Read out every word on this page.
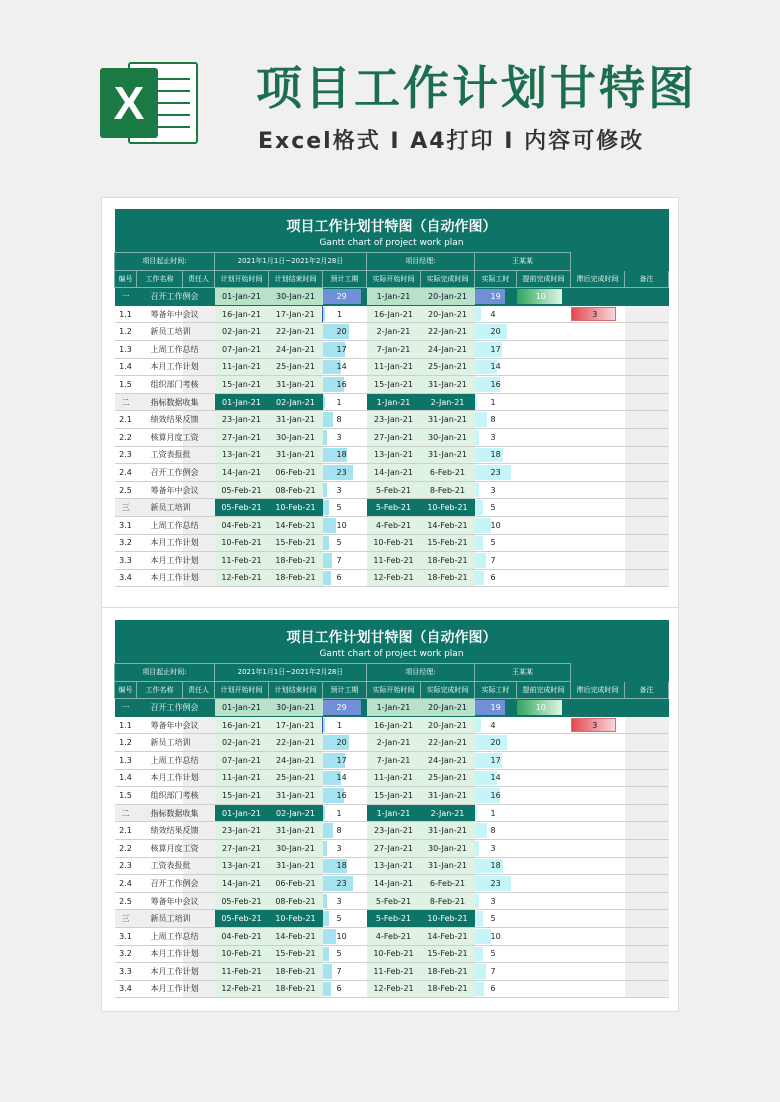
X 项目工作计划甘特图
Excel格式 Ⅰ A4打印 Ⅰ 内容可修改
项目工作计划甘特图（自动作图）											
Gantt chart of project work plan											
项目起止时间:			2021年1月1日~2021年2月28日			项目经理:		王某某			
编号	工作名称	责任人	计划开始时间	计划结束时间	预计工期	实际开始时间	实际完成时间	实际工时	提前完成时间	滞后完成时间	备注
一	召开工作例会		01-Jan-21	30-Jan-21	29	1-Jan-21	20-Jan-21	19	10		

1.1	筹备年中会议		16-Jan-21	17-Jan-21	1	16-Jan-21	20-Jan-21	4		3	

1.2	新员工培训		02-Jan-21	22-Jan-21	20	2-Jan-21	22-Jan-21	20			
1.3	上周工作总结		07-Jan-21	24-Jan-21	17	7-Jan-21	24-Jan-21	17			
1.4	本月工作计划		11-Jan-21	25-Jan-21	14	11-Jan-21	25-Jan-21	14			
1.5	组织部门考核		15-Jan-21	31-Jan-21	16	15-Jan-21	31-Jan-21	16			
二	指标数据收集		01-Jan-21	02-Jan-21	1	1-Jan-21	2-Jan-21	1			
2.1	绩效结果反馈		23-Jan-21	31-Jan-21	8	23-Jan-21	31-Jan-21	8			
2.2	核算月度工资		27-Jan-21	30-Jan-21	3	27-Jan-21	30-Jan-21	3			
2.3	工资表报批		13-Jan-21	31-Jan-21	18	13-Jan-21	31-Jan-21	18			
2.4	召开工作例会		14-Jan-21	06-Feb-21	23	14-Jan-21	6-Feb-21	23			
2.5	筹备年中会议		05-Feb-21	08-Feb-21	3	5-Feb-21	8-Feb-21	3			
三	新员工培训		05-Feb-21	10-Feb-21	5	5-Feb-21	10-Feb-21	5			
3.1	上周工作总结		04-Feb-21	14-Feb-21	10	4-Feb-21	14-Feb-21	10			
3.2	本月工作计划		10-Feb-21	15-Feb-21	5	10-Feb-21	15-Feb-21	5			
3.3	本月工作计划		11-Feb-21	18-Feb-21	7	11-Feb-21	18-Feb-21	7			
3.4	本月工作计划		12-Feb-21	18-Feb-21	6	12-Feb-21	18-Feb-21	6			
项目工作计划甘特图（自动作图）											
Gantt chart of project work plan											
项目起止时间:			2021年1月1日~2021年2月28日			项目经理:		王某某			
编号	工作名称	责任人	计划开始时间	计划结束时间	预计工期	实际开始时间	实际完成时间	实际工时	提前完成时间	滞后完成时间	备注
一	召开工作例会		01-Jan-21	30-Jan-21	29	1-Jan-21	20-Jan-21	19	10		

1.1	筹备年中会议		16-Jan-21	17-Jan-21	1	16-Jan-21	20-Jan-21	4		3	

1.2	新员工培训		02-Jan-21	22-Jan-21	20	2-Jan-21	22-Jan-21	20			
1.3	上周工作总结		07-Jan-21	24-Jan-21	17	7-Jan-21	24-Jan-21	17			
1.4	本月工作计划		11-Jan-21	25-Jan-21	14	11-Jan-21	25-Jan-21	14			
1.5	组织部门考核		15-Jan-21	31-Jan-21	16	15-Jan-21	31-Jan-21	16			
二	指标数据收集		01-Jan-21	02-Jan-21	1	1-Jan-21	2-Jan-21	1			
2.1	绩效结果反馈		23-Jan-21	31-Jan-21	8	23-Jan-21	31-Jan-21	8			
2.2	核算月度工资		27-Jan-21	30-Jan-21	3	27-Jan-21	30-Jan-21	3			
2.3	工资表报批		13-Jan-21	31-Jan-21	18	13-Jan-21	31-Jan-21	18			
2.4	召开工作例会		14-Jan-21	06-Feb-21	23	14-Jan-21	6-Feb-21	23			
2.5	筹备年中会议		05-Feb-21	08-Feb-21	3	5-Feb-21	8-Feb-21	3			
三	新员工培训		05-Feb-21	10-Feb-21	5	5-Feb-21	10-Feb-21	5			
3.1	上周工作总结		04-Feb-21	14-Feb-21	10	4-Feb-21	14-Feb-21	10			
3.2	本月工作计划		10-Feb-21	15-Feb-21	5	10-Feb-21	15-Feb-21	5			
3.3	本月工作计划		11-Feb-21	18-Feb-21	7	11-Feb-21	18-Feb-21	7			
3.4	本月工作计划		12-Feb-21	18-Feb-21	6	12-Feb-21	18-Feb-21	6			
